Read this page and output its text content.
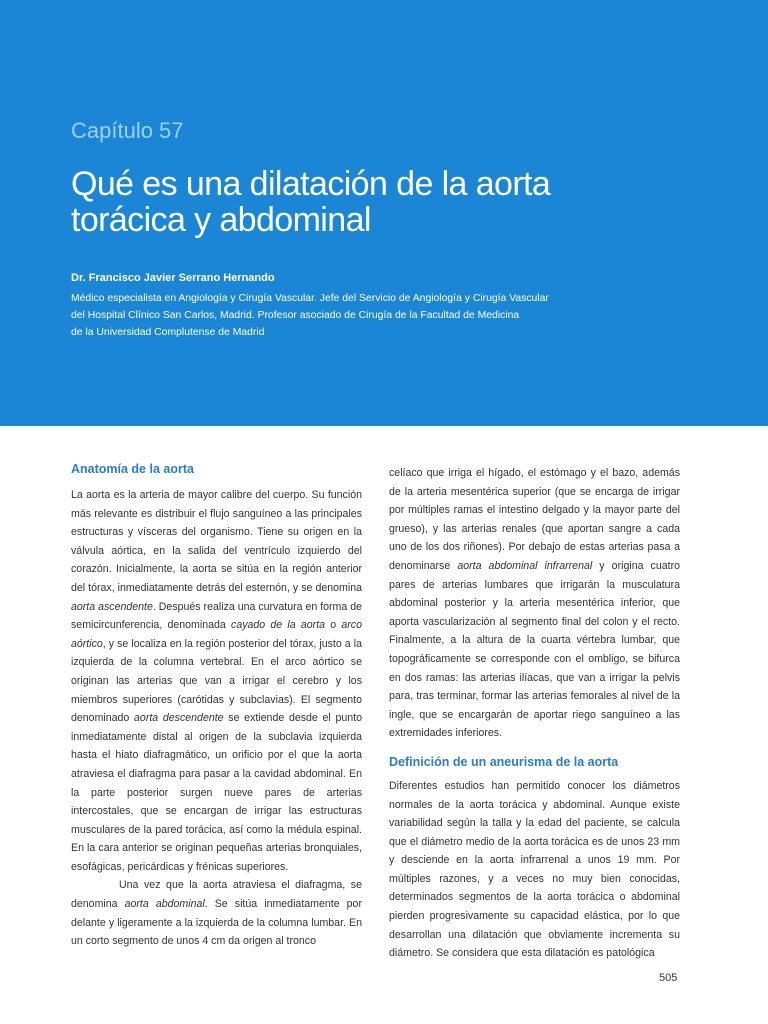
Capítulo 57
Qué es una dilatación de la aorta
torácica y abdominal
Dr. Francisco Javier Serrano Hernando
Médico especialista en Angiología y Cirugía Vascular. Jefe del Servicio de Angiología y Cirugía Vascular
del Hospital Clínico San Carlos, Madrid. Profesor asociado de Cirugía de la Facultad de Medicina
de la Universidad Complutense de Madrid
Anatomía de la aorta

La aorta es la arteria de mayor calibre del cuerpo. Su función más relevante es distribuir el flujo sanguíneo a las principales estructuras y vísceras del organismo. Tiene su origen en la válvula aórtica, en la salida del ventrículo izquierdo del corazón. Inicialmente, la aorta se sitúa en la región anterior del tórax, inmediatamente detrás del esternón, y se denomina aorta ascendente. Después realiza una curvatura en forma de semicircunferencia, denominada cayado de la aorta o arco aórtico, y se localiza en la región posterior del tórax, justo a la izquierda de la columna vertebral. En el arco aórtico se originan las arterias que van a irrigar el cerebro y los miembros superiores (carótidas y subclavias). El segmento denominado aorta descendente se extiende desde el punto inmediatamente distal al origen de la subclavia izquierda hasta el hiato diafragmático, un orificio por el que la aorta atraviesa el diafragma para pasar a la cavidad abdominal. En la parte posterior surgen nueve pares de arterias intercostales, que se encargan de irrigar las estructuras musculares de la pared torácica, así como la médula espinal. En la cara anterior se originan pequeñas arterias bronquiales, esofágicas, pericárdicas y frénicas superiores.

Una vez que la aorta atraviesa el diafragma, se denomina aorta abdominal. Se sitúa inmediatamente por delante y ligeramente a la izquierda de la columna lumbar. En un corto segmento de unos 4 cm da origen al tronco

celíaco que irriga el hígado, el estómago y el bazo, además de la arteria mesentérica superior (que se encarga de irrigar por múltiples ramas el intestino delgado y la mayor parte del grueso), y las arterias renales (que aportan sangre a cada uno de los dos riñones). Por debajo de estas arterias pasa a denominarse aorta abdominal infrarrenal y origina cuatro pares de arterias lumbares que irrigarán la musculatura abdominal posterior y la arteria mesentérica inferior, que aporta vascularización al segmento final del colon y el recto. Finalmente, a la altura de la cuarta vértebra lumbar, que topográficamente se corresponde con el ombligo, se bifurca en dos ramas: las arterias ilíacas, que van a irrigar la pelvis para, tras terminar, formar las arterias femorales al nivel de la ingle, que se encargarán de aportar riego sanguíneo a las extremidades inferiores.

Definición de un aneurisma de la aorta

Diferentes estudios han permitido conocer los diámetros normales de la aorta torácica y abdominal. Aunque existe variabilidad según la talla y la edad del paciente, se calcula que el diámetro medio de la aorta torácica es de unos 23 mm y desciende en la aorta infrarrenal a unos 19 mm. Por múltiples razones, y a veces no muy bien conocidas, determinados segmentos de la aorta torácica o abdominal pierden progresivamente su capacidad elástica, por lo que desarrollan una dilatación que obviamente incrementa su diámetro. Se considera que esta dilatación es patológica

505
